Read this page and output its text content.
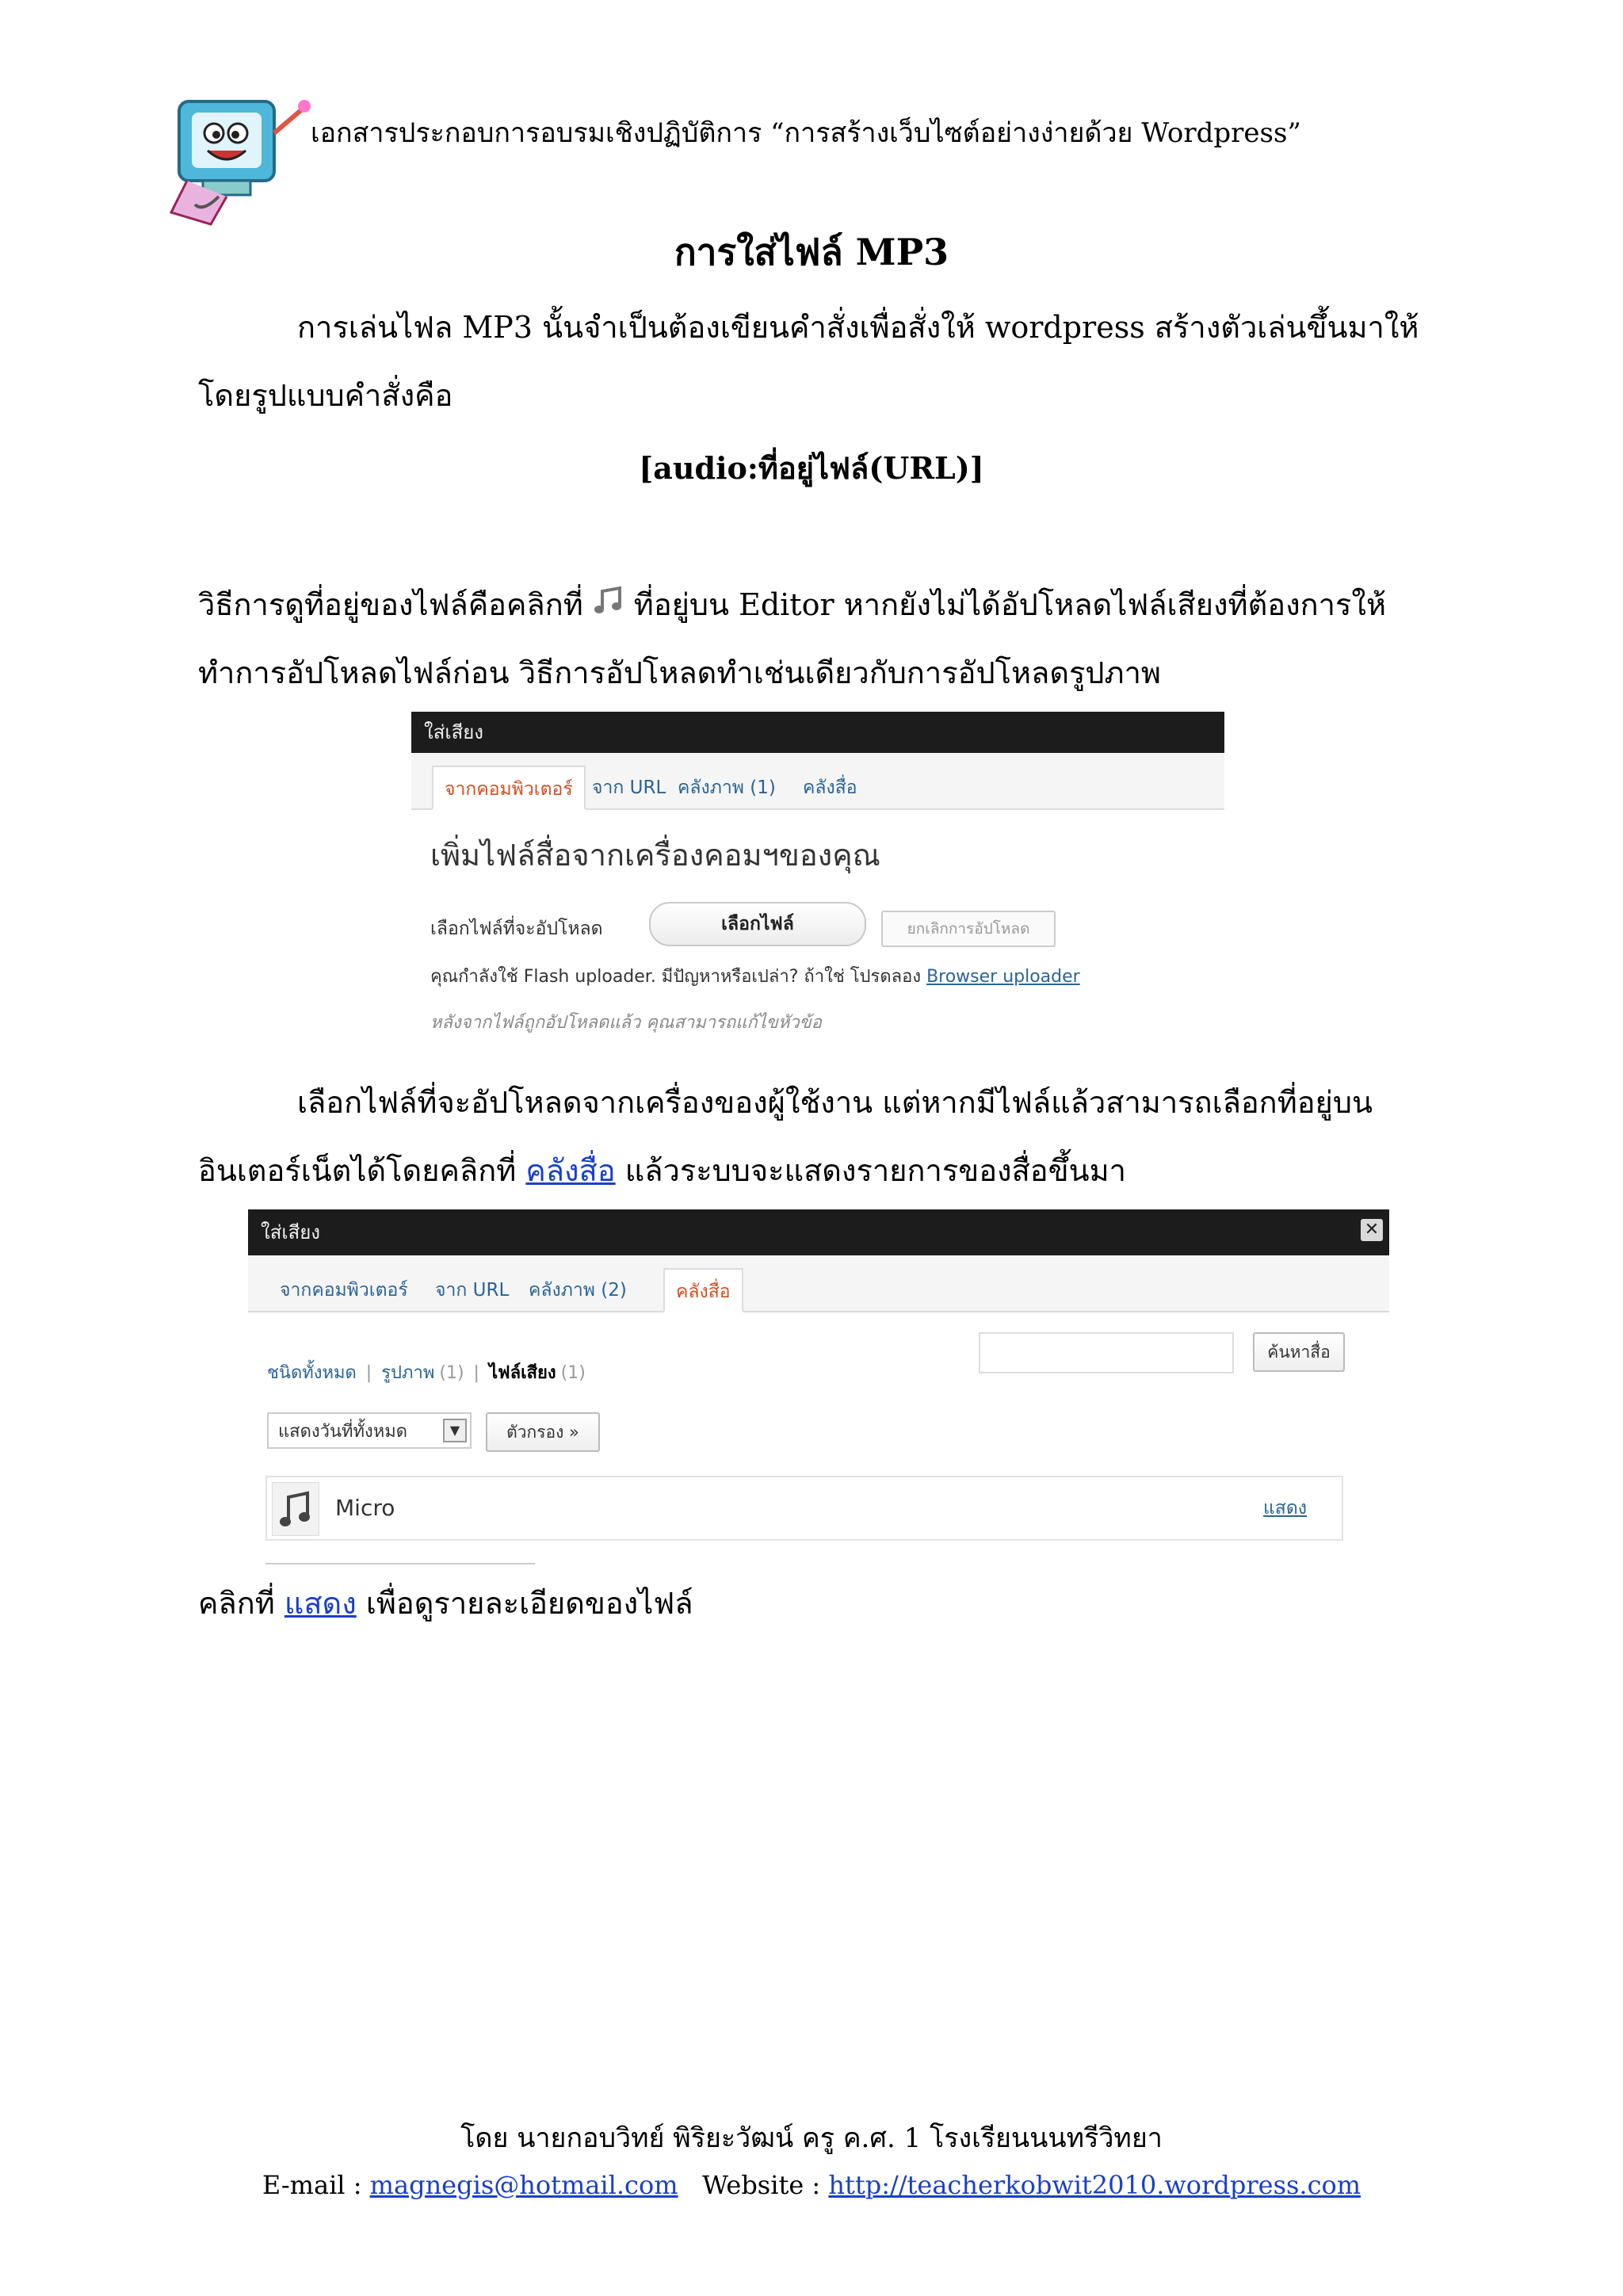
เอกสารประกอบการอบรมเชิงปฏิบัติการ “การสร้างเว็บไซต์อย่างง่ายด้วย Wordpress”
การใส่ไฟล์ MP3
การเล่นไฟล MP3 นั้นจำเป็นต้องเขียนคำสั่งเพื่อสั่งให้ wordpress สร้างตัวเล่นขึ้นมาให้โดยรูปแบบคำสั่งคือ
[audio:ที่อยู่ไฟล์(URL)]
วิธีการดูที่อยู่ของไฟล์คือคลิกที่ ที่อยู่บน Editor หากยังไม่ได้อัปโหลดไฟล์เสียงที่ต้องการให้ทำการอัปโหลดไฟล์ก่อน วิธีการอัปโหลดทำเช่นเดียวกับการอัปโหลดรูปภาพ
ใส่เสียง
จากคอมพิวเตอร์	จาก URL คลังภาพ (1)	คลังสื่อ
เพิ่มไฟล์สื่อจากเครื่องคอมฯของคุณ
เลือกไฟล์ที่จะอัปโหลด	เลือกไฟล์	ยกเลิกการอัปโหลด
คุณกำลังใช้ Flash uploader. มีปัญหาหรือเปล่า? ถ้าใช่ โปรดลอง Browser uploader
หลังจากไฟล์ถูกอัปโหลดแล้ว คุณสามารถแก้ไขหัวข้อ
เลือกไฟล์ที่จะอัปโหลดจากเครื่องของผู้ใช้งาน แต่หากมีไฟล์แล้วสามารถเลือกที่อยู่บนอินเตอร์เน็ตได้โดยคลิกที่ คลังสื่อ แล้วระบบจะแสดงรายการของสื่อขึ้นมา
ใส่เสียง	✕
จากคอมพิวเตอร์	จาก URL	คลังภาพ (2)	คลังสื่อ
ชนิดทั้งหมด | รูปภาพ (1) | ไฟล์เสียง (1)
ค้นหาสื่อ
แสดงวันที่ทั้งหมด	▼	ตัวกรอง »
Micro	แสดง
คลิกที่ แสดง เพื่อดูรายละเอียดของไฟล์
โดย นายกอบวิทย์ พิริยะวัฒน์ ครู ค.ศ. 1 โรงเรียนนนทรีวิทยา
E-mail : magnegis@hotmail.com Website : http://teacherkobwit2010.wordpress.com
